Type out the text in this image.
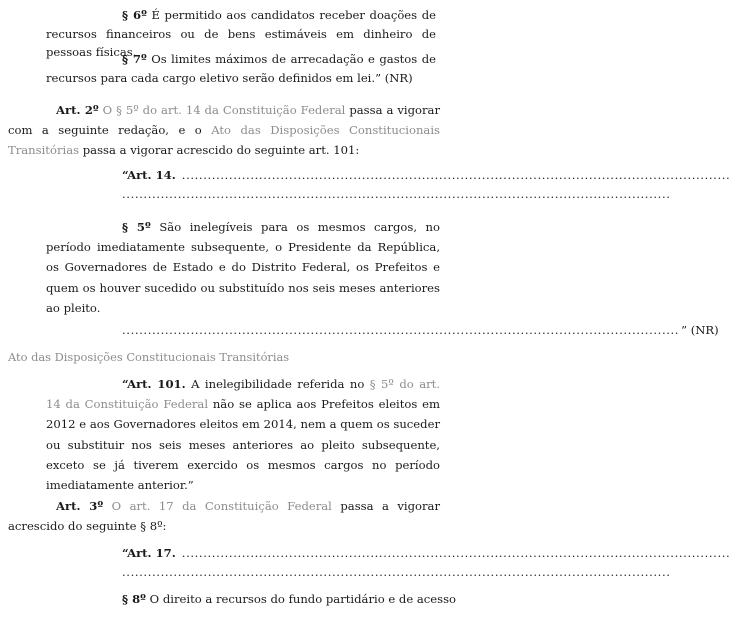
§ 6º É permitido aos candidatos receber doações de recursos financeiros ou de bens estimáveis em dinheiro de pessoas físicas.

§ 7º Os limites máximos de arrecadação e gastos de recursos para cada cargo eletivo serão definidos em lei.” (NR)

Art. 2º O § 5º do art. 14 da Constituição Federal passa a vigorar com a seguinte redação, e o Ato das Disposições Constitucionais Transitórias passa a vigorar acrescido do seguinte art. 101:

“Art. 14. ................................................................................................................................
................................................................................................................................

§ 5º São inelegíveis para os mesmos cargos, no período imediatamente subsequente, o Presidente da República, os Governadores de Estado e do Distrito Federal, os Prefeitos e quem os houver sucedido ou substituído nos seis meses anteriores ao pleito.

.................................................................................................................................. ” (NR)
Ato das Disposições Constitucionais Transitórias

“Art. 101. A inelegibilidade referida no § 5º do art. 14 da Constituição Federal não se aplica aos Prefeitos eleitos em 2012 e aos Governadores eleitos em 2014, nem a quem os suceder ou substituir nos seis meses anteriores ao pleito subsequente, exceto se já tiverem exercido os mesmos cargos no período imediatamente anterior.”

Art. 3º O art. 17 da Constituição Federal passa a vigorar acrescido do seguinte § 8º:

“Art. 17. ................................................................................................................................
................................................................................................................................

§ 8º O direito a recursos do fundo partidário e de acesso
